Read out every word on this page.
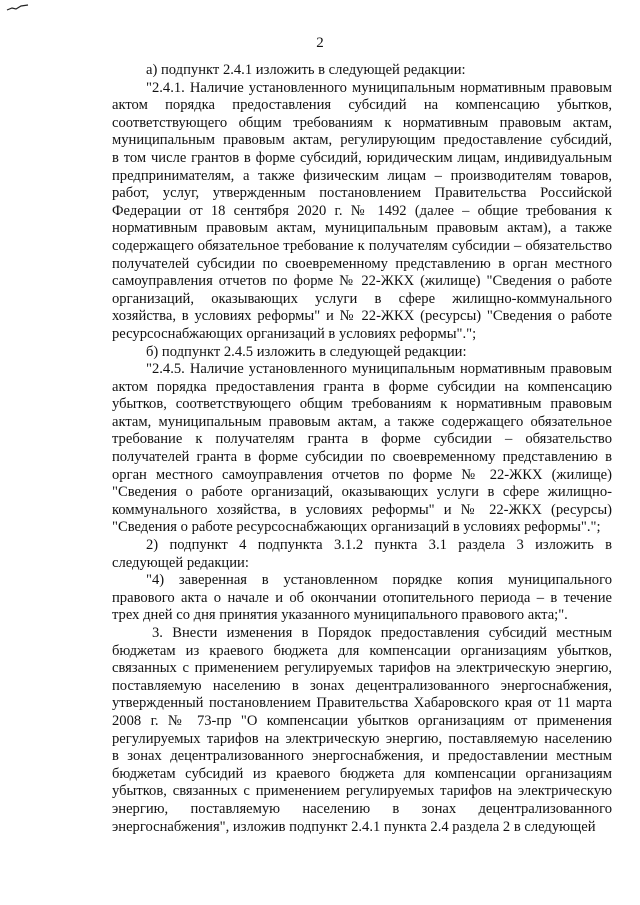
2
а) подпункт 2.4.1 изложить в следующей редакции:
"2.4.1. Наличие установленного муниципальным нормативным правовым
актом порядка предоставления субсидий на компенсацию убытков,
соответствующего общим требованиям к нормативным правовым актам,
муниципальным правовым актам, регулирующим предоставление субсидий,
в том числе грантов в форме субсидий, юридическим лицам, индивидуальным
предпринимателям, а также физическим лицам – производителям товаров,
работ, услуг, утвержденным постановлением Правительства Российской
Федерации от 18 сентября 2020 г. № 1492 (далее – общие требования к
нормативным правовым актам, муниципальным правовым актам), а также
содержащего обязательное требование к получателям субсидии – обязательство
получателей субсидии по своевременному представлению в орган местного
самоуправления отчетов по форме № 22-ЖКХ (жилище) "Сведения о работе
организаций, оказывающих услуги в сфере жилищно-коммунального
хозяйства, в условиях реформы" и № 22-ЖКХ (ресурсы) "Сведения о работе
ресурсоснабжающих организаций в условиях реформы".";
б) подпункт 2.4.5 изложить в следующей редакции:
"2.4.5. Наличие установленного муниципальным нормативным правовым
актом порядка предоставления гранта в форме субсидии на компенсацию
убытков, соответствующего общим требованиям к нормативным правовым
актам, муниципальным правовым актам, а также содержащего обязательное
требование к получателям гранта в форме субсидии – обязательство
получателей гранта в форме субсидии по своевременному представлению в
орган местного самоуправления отчетов по форме № 22-ЖКХ (жилище)
"Сведения о работе организаций, оказывающих услуги в сфере жилищно-
коммунального хозяйства, в условиях реформы" и № 22-ЖКХ (ресурсы)
"Сведения о работе ресурсоснабжающих организаций в условиях реформы".";
2) подпункт 4 подпункта 3.1.2 пункта 3.1 раздела 3 изложить в
следующей редакции:
"4) заверенная в установленном порядке копия муниципального
правового акта о начале и об окончании отопительного периода – в течение
трех дней со дня принятия указанного муниципального правового акта;".
3. Внести изменения в Порядок предоставления субсидий местным
бюджетам из краевого бюджета для компенсации организациям убытков,
связанных с применением регулируемых тарифов на электрическую энергию,
поставляемую населению в зонах децентрализованного энергоснабжения,
утвержденный постановлением Правительства Хабаровского края от 11 марта
2008 г. № 73-пр "О компенсации убытков организациям от применения
регулируемых тарифов на электрическую энергию, поставляемую населению
в зонах децентрализованного энергоснабжения, и предоставлении местным
бюджетам субсидий из краевого бюджета для компенсации организациям
убытков, связанных с применением регулируемых тарифов на электрическую
энергию, поставляемую населению в зонах децентрализованного
энергоснабжения", изложив подпункт 2.4.1 пункта 2.4 раздела 2 в следующей
